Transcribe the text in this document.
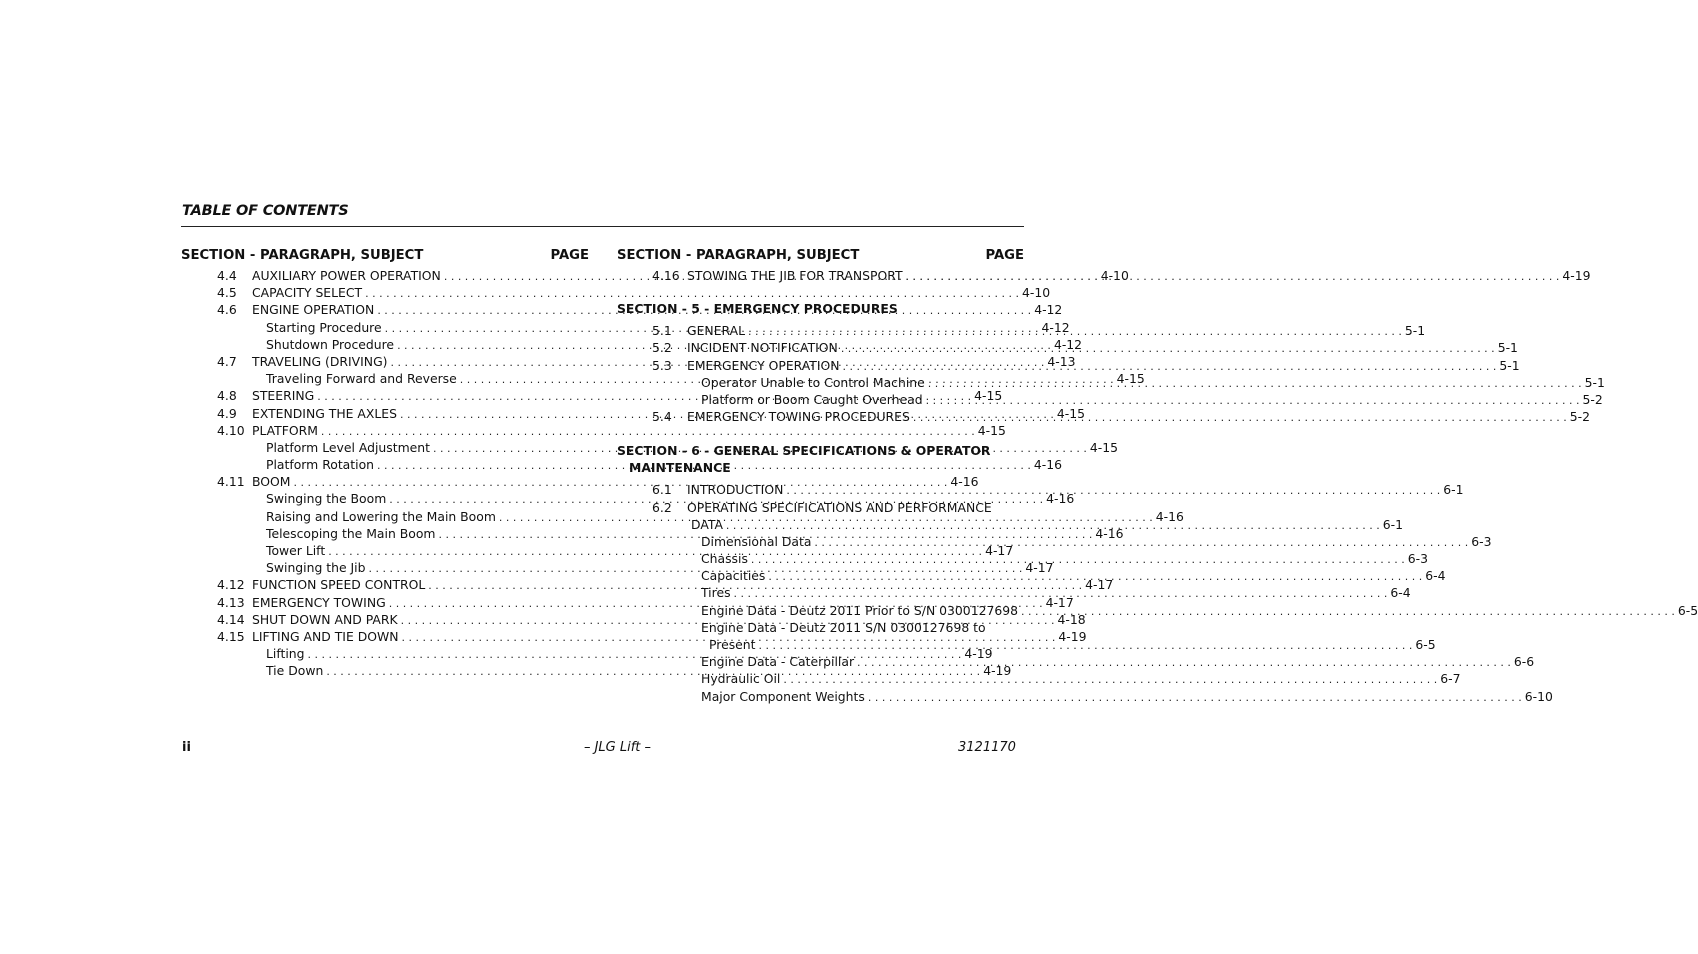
TABLE OF CONTENTS
SECTION - PARAGRAPH, SUBJECT	PAGE
4.4 AUXILIARY POWER OPERATION . . .	4-10
4.5 CAPACITY SELECT . . .	4-10
4.6 ENGINE OPERATION . . .	4-12
Starting Procedure . . .	4-12
Shutdown Procedure . . .	4-12
4.7 TRAVELING (DRIVING) . . .	4-13
Traveling Forward and Reverse . . .	4-15
4.8 STEERING . . .	4-15
4.9 EXTENDING THE AXLES . . .	4-15
4.10 PLATFORM . . .	4-15
Platform Level Adjustment . . .	4-15
Platform Rotation . . .	4-16
4.11 BOOM . . .	4-16
Swinging the Boom . . .	4-16
Raising and Lowering the Main Boom . . .	4-16
Telescoping the Main Boom . . .	4-16
Tower Lift . . .	4-17
Swinging the Jib . . .	4-17
4.12 FUNCTION SPEED CONTROL . . .	4-17
4.13 EMERGENCY TOWING . . .	4-17
4.14 SHUT DOWN AND PARK . . .	4-18
4.15 LIFTING AND TIE DOWN . . .	4-19
Lifting . . .	4-19
Tie Down . . .	4-19
SECTION - PARAGRAPH, SUBJECT	PAGE
4.16 STOWING THE JIB FOR TRANSPORT . . .	4-19
SECTION - 5 - EMERGENCY PROCEDURES
5.1 GENERAL . . .	5-1
5.2 INCIDENT NOTIFICATION . . .	5-1
5.3 EMERGENCY OPERATION . . .	5-1
Operator Unable to Control Machine . . .	5-1
Platform or Boom Caught Overhead . . .	5-2
5.4 EMERGENCY TOWING PROCEDURES . . .	5-2
SECTION - 6 - GENERAL SPECIFICATIONS & OPERATOR
MAINTENANCE
6.1 INTRODUCTION . . .	6-1
6.2 OPERATING SPECIFICATIONS AND PERFORMANCE
DATA . . .	6-1
Dimensional Data . . .	6-3
Chassis . . .	6-3
Capacities . . .	6-4
Tires . . .	6-4
Engine Data - Deutz 2011 Prior to S/N 0300127698 . . .	6-5
Engine Data - Deutz 2011 S/N 0300127698 to
Present . . .	6-5
Engine Data - Caterpillar . . .	6-6
Hydraulic Oil . . .	6-7
Major Component Weights . . .	6-10
ii	– JLG Lift –	3121170
